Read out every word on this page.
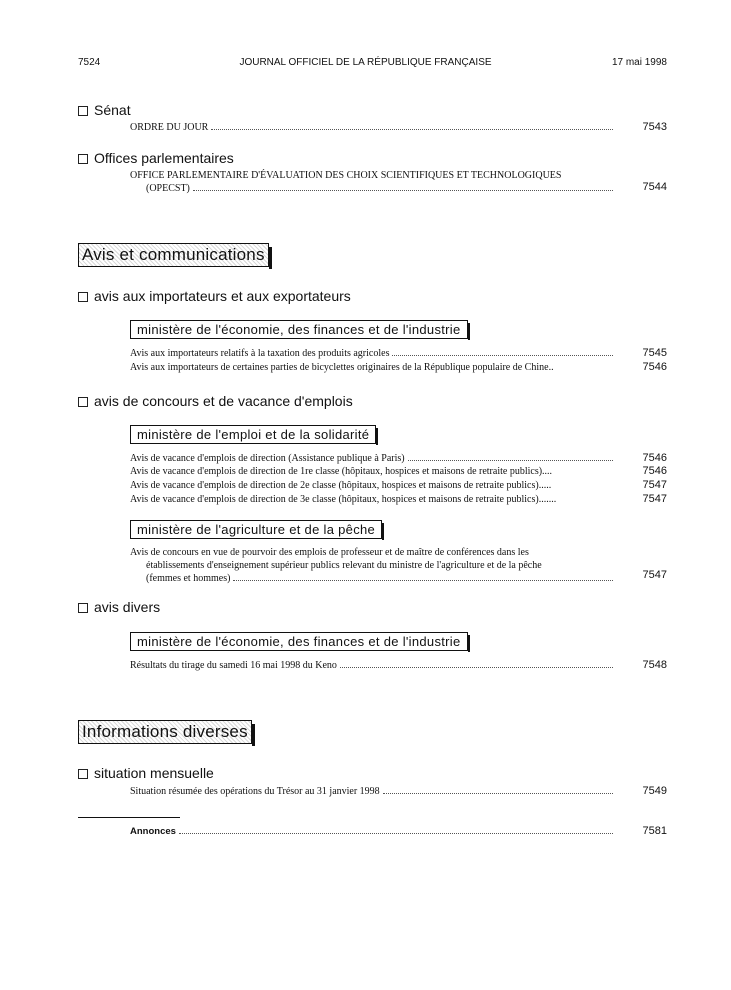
7524	JOURNAL OFFICIEL DE LA RÉPUBLIQUE FRANÇAISE	17 mai 1998
Sénat
ORDRE DU JOUR	7543
Offices parlementaires
OFFICE PARLEMENTAIRE D'ÉVALUATION DES CHOIX SCIENTIFIQUES ET TECHNOLOGIQUES
(OPECST)	7544
Avis et communications
avis aux importateurs et aux exportateurs
ministère de l'économie, des finances et de l'industrie
Avis aux importateurs relatifs à la taxation des produits agricoles	7545
Avis aux importateurs de certaines parties de bicyclettes originaires de la République populaire de Chine..	7546
avis de concours et de vacance d'emplois
ministère de l'emploi et de la solidarité
Avis de vacance d'emplois de direction (Assistance publique à Paris)	7546
Avis de vacance d'emplois de direction de 1re classe (hôpitaux, hospices et maisons de retraite publics)....	7546
Avis de vacance d'emplois de direction de 2e classe (hôpitaux, hospices et maisons de retraite publics).....	7547
Avis de vacance d'emplois de direction de 3e classe (hôpitaux, hospices et maisons de retraite publics).......	7547
ministère de l'agriculture et de la pêche
Avis de concours en vue de pourvoir des emplois de professeur et de maître de conférences dans les
établissements d'enseignement supérieur publics relevant du ministre de l'agriculture et de la pêche
(femmes et hommes)	7547
avis divers
ministère de l'économie, des finances et de l'industrie
Résultats du tirage du samedi 16 mai 1998 du Keno	7548
Informations diverses
situation mensuelle
Situation résumée des opérations du Trésor au 31 janvier 1998	7549
Annonces	7581
